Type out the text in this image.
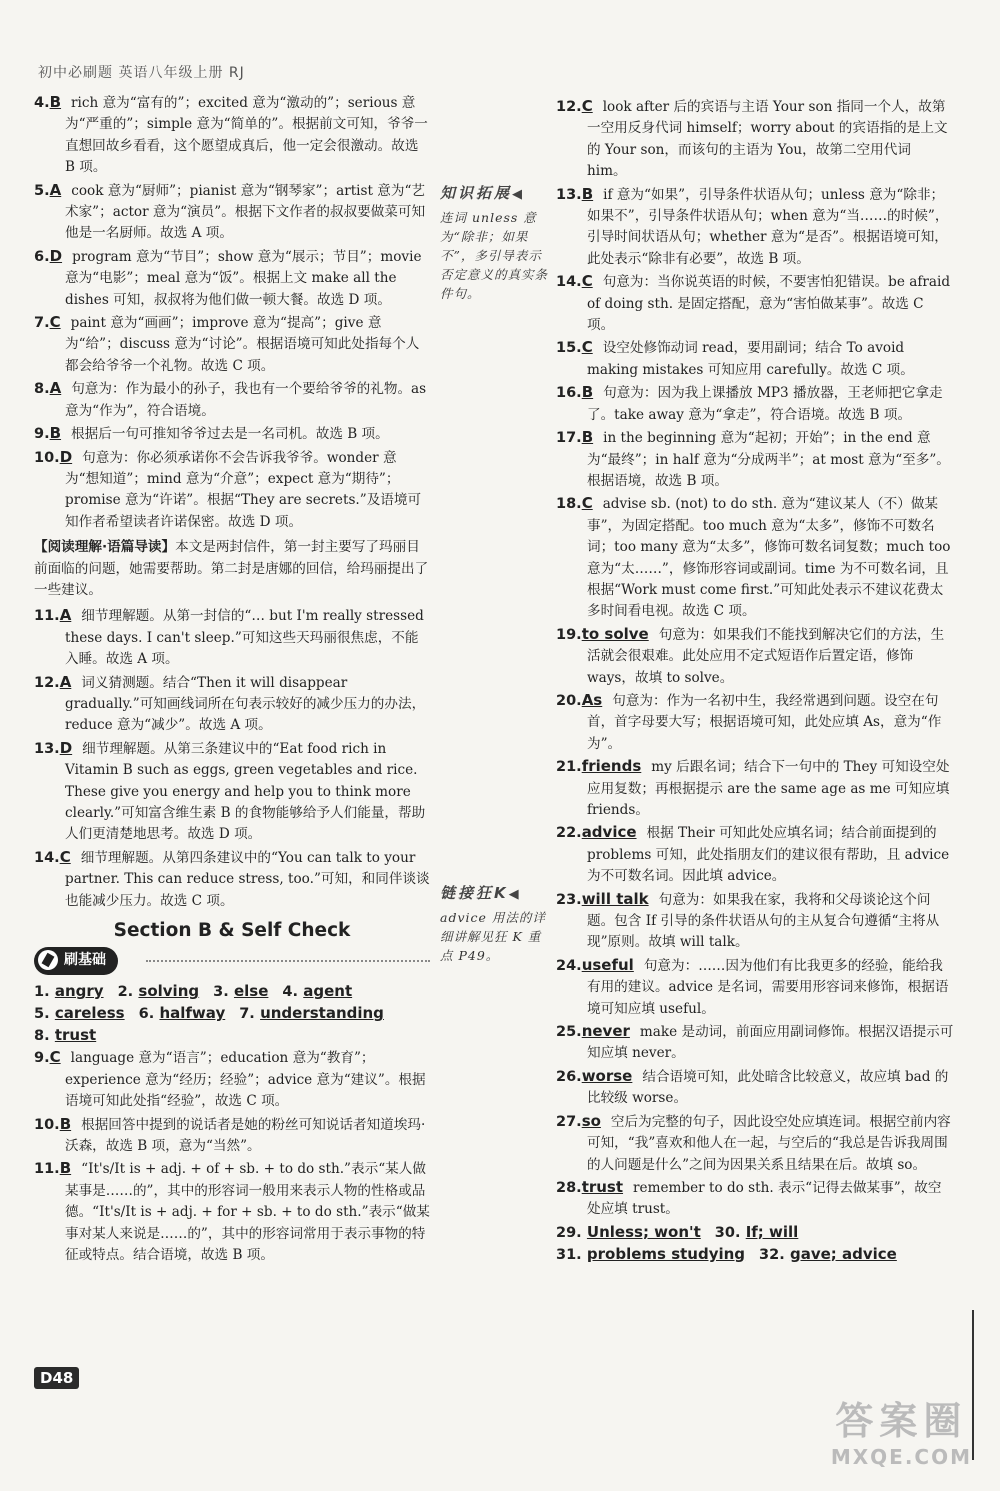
初中必刷题 英语八年级上册 RJ
4.B rich 意为“富有的”；excited 意为“激动的”；serious 意为“严重的”；simple 意为“简单的”。根据前文可知，爷爷一直想回故乡看看，这个愿望成真后，他一定会很激动。故选 B 项。
5.A cook 意为“厨师”；pianist 意为“钢琴家”；artist 意为“艺术家”；actor 意为“演员”。根据下文作者的叔叔要做菜可知他是一名厨师。故选 A 项。
6.D program 意为“节目”；show 意为“展示；节目”；movie 意为“电影”；meal 意为“饭”。根据上文 make all the dishes 可知，叔叔将为他们做一顿大餐。故选 D 项。
7.C paint 意为“画画”；improve 意为“提高”；give 意为“给”；discuss 意为“讨论”。根据语境可知此处指每个人都会给爷爷一个礼物。故选 C 项。
8.A 句意为：作为最小的孙子，我也有一个要给爷爷的礼物。as 意为“作为”，符合语境。
9.B 根据后一句可推知爷爷过去是一名司机。故选 B 项。
10.D 句意为：你必须承诺你不会告诉我爷爷。wonder 意为“想知道”；mind 意为“介意”；expect 意为“期待”；promise 意为“许诺”。根据“They are secrets.”及语境可知作者希望读者许诺保密。故选 D 项。
【阅读理解·语篇导读】本文是两封信件，第一封主要写了玛丽目前面临的问题，她需要帮助。第二封是唐娜的回信，给玛丽提出了一些建议。
11.A 细节理解题。从第一封信的“… but I'm really stressed these days. I can't sleep.”可知这些天玛丽很焦虑，不能入睡。故选 A 项。
12.A 词义猜测题。结合“Then it will disappear gradually.”可知画线词所在句表示较好的减少压力的办法，reduce 意为“减少”。故选 A 项。
13.D 细节理解题。从第三条建议中的“Eat food rich in Vitamin B such as eggs, green vegetables and rice. These give you energy and help you to think more clearly.”可知富含维生素 B 的食物能够给予人们能量，帮助人们更清楚地思考。故选 D 项。
14.C 细节理解题。从第四条建议中的“You can talk to your partner. This can reduce stress, too.”可知，和同伴谈谈也能减少压力。故选 C 项。
Section B & Self Check
刷基础
1. angry 2. solving 3. else 4. agent
5. careless 6. halfway 7. understanding
8. trust
9.C language 意为“语言”；education 意为“教育”；experience 意为“经历；经验”；advice 意为“建议”。根据语境可知此处指“经验”，故选 C 项。
10.B 根据回答中提到的说话者是她的粉丝可知说话者知道埃玛·沃森，故选 B 项，意为“当然”。
11.B “It's/It is + adj. + of + sb. + to do sth.”表示“某人做某事是……的”，其中的形容词一般用来表示人物的性格或品德。“It's/It is + adj. + for + sb. + to do sth.”表示“做某事对某人来说是……的”，其中的形容词常用于表示事物的特征或特点。结合语境，故选 B 项。
知识拓展◀
连词 unless 意为“除非；如果不”，多引导表示否定意义的真实条件句。
链接狂K◀
advice 用法的详细讲解见狂 K 重点 P49。
12.C look after 后的宾语与主语 Your son 指同一个人，故第一空用反身代词 himself；worry about 的宾语指的是上文的 Your son，而该句的主语为 You，故第二空用代词 him。
13.B if 意为“如果”，引导条件状语从句；unless 意为“除非；如果不”，引导条件状语从句；when 意为“当……的时候”，引导时间状语从句；whether 意为“是否”。根据语境可知，此处表示“除非有必要”，故选 B 项。
14.C 句意为：当你说英语的时候，不要害怕犯错误。be afraid of doing sth. 是固定搭配，意为“害怕做某事”。故选 C 项。
15.C 设空处修饰动词 read，要用副词；结合 To avoid making mistakes 可知应用 carefully。故选 C 项。
16.B 句意为：因为我上课播放 MP3 播放器，王老师把它拿走了。take away 意为“拿走”，符合语境。故选 B 项。
17.B in the beginning 意为“起初；开始”；in the end 意为“最终”；in half 意为“分成两半”；at most 意为“至多”。根据语境，故选 B 项。
18.C advise sb. (not) to do sth. 意为“建议某人（不）做某事”，为固定搭配。too much 意为“太多”，修饰不可数名词；too many 意为“太多”，修饰可数名词复数；much too 意为“太……”，修饰形容词或副词。time 为不可数名词，且根据“Work must come first.”可知此处表示不建议花费太多时间看电视。故选 C 项。
19.to solve 句意为：如果我们不能找到解决它们的方法，生活就会很艰难。此处应用不定式短语作后置定语，修饰 ways，故填 to solve。
20.As 句意为：作为一名初中生，我经常遇到问题。设空在句首，首字母要大写；根据语境可知，此处应填 As，意为“作为”。
21.friends my 后跟名词；结合下一句中的 They 可知设空处应用复数；再根据提示 are the same age as me 可知应填 friends。
22.advice 根据 Their 可知此处应填名词；结合前面提到的 problems 可知，此处指朋友们的建议很有帮助，且 advice 为不可数名词。因此填 advice。
23.will talk 句意为：如果我在家，我将和父母谈论这个问题。包含 If 引导的条件状语从句的主从复合句遵循“主将从现”原则。故填 will talk。
24.useful 句意为：……因为他们有比我更多的经验，能给我有用的建议。advice 是名词，需要用形容词来修饰，根据语境可知应填 useful。
25.never make 是动词，前面应用副词修饰。根据汉语提示可知应填 never。
26.worse 结合语境可知，此处暗含比较意义，故应填 bad 的比较级 worse。
27.so 空后为完整的句子，因此设空处应填连词。根据空前内容可知，“我”喜欢和他人在一起，与空后的“我总是告诉我周围的人问题是什么”之间为因果关系且结果在后。故填 so。
28.trust remember to do sth. 表示“记得去做某事”，故空处应填 trust。
29. Unless; won't 30. If; will
31. problems studying 32. gave; advice
D48
答案圈
MXQE.COM
